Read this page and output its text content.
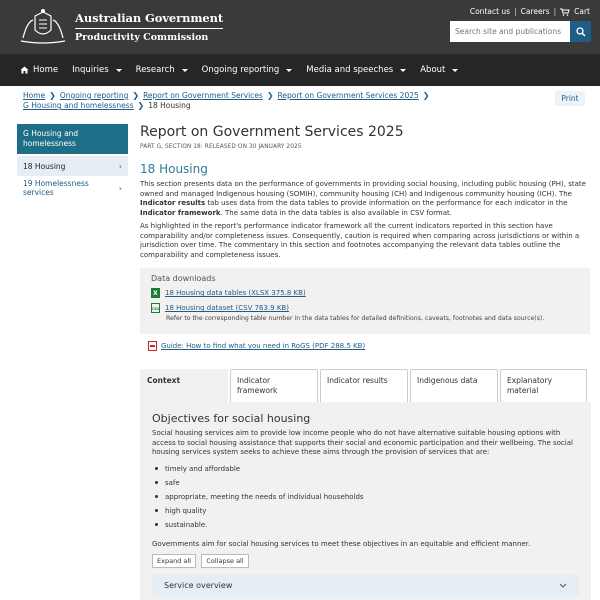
Australian Government
Productivity Commission
Contact us | Careers | Cart
Search site and publications
Home Inquiries	Research	Ongoing reporting	Media and speeches	About
Home ❯ Ongoing reporting ❯ Report on Government Services ❯ Report on Government Services 2025 ❯
G Housing and homelessness ❯ 18 Housing
Print
G Housing and homelessness
18 Housing	›
19 Homelessness services	›
Report on Government Services 2025
PART G, SECTION 18: RELEASED ON 30 JANUARY 2025
18 Housing

This section presents data on the performance of governments in providing social housing, including public housing (PH), state owned and managed Indigenous housing (SOMIH), community housing (CH) and Indigenous community housing (ICH). The Indicator results tab uses data from the data tables to provide information on the performance for each indicator in the Indicator framework. The same data in the data tables is also available in CSV format.

As highlighted in the report's performance indicator framework all the current indicators reported in this section have comparability and/or completeness issues. Consequently, caution is required when comparing across jurisdictions or within a jurisdiction over time. The commentary in this section and footnotes accompanying the relevant data tables outline the comparability and completeness issues.

Data downloads
X	18 Housing data tables (XLSX 375.8 KB)
CSV 18 Housing dataset (CSV 763.9 KB)
Refer to the corresponding table number in the data tables for detailed definitions, caveats, footnotes and data source(s).
Guide: How to find what you need in RoGS (PDF 288.5 KB)
Context	Indicator framework
Indicator results	Indigenous data	Explanatory material
Objectives for social housing

Social housing services aim to provide low income people who do not have alternative suitable housing options with access to social housing assistance that supports their social and economic participation and their wellbeing. The social housing services system seeks to achieve these aims through the provision of services that are:

timely and affordable
safe
appropriate, meeting the needs of individual households
high quality
sustainable.

Governments aim for social housing services to meet these objectives in an equitable and efficient manner.

Expand all Collapse all
Service overview
